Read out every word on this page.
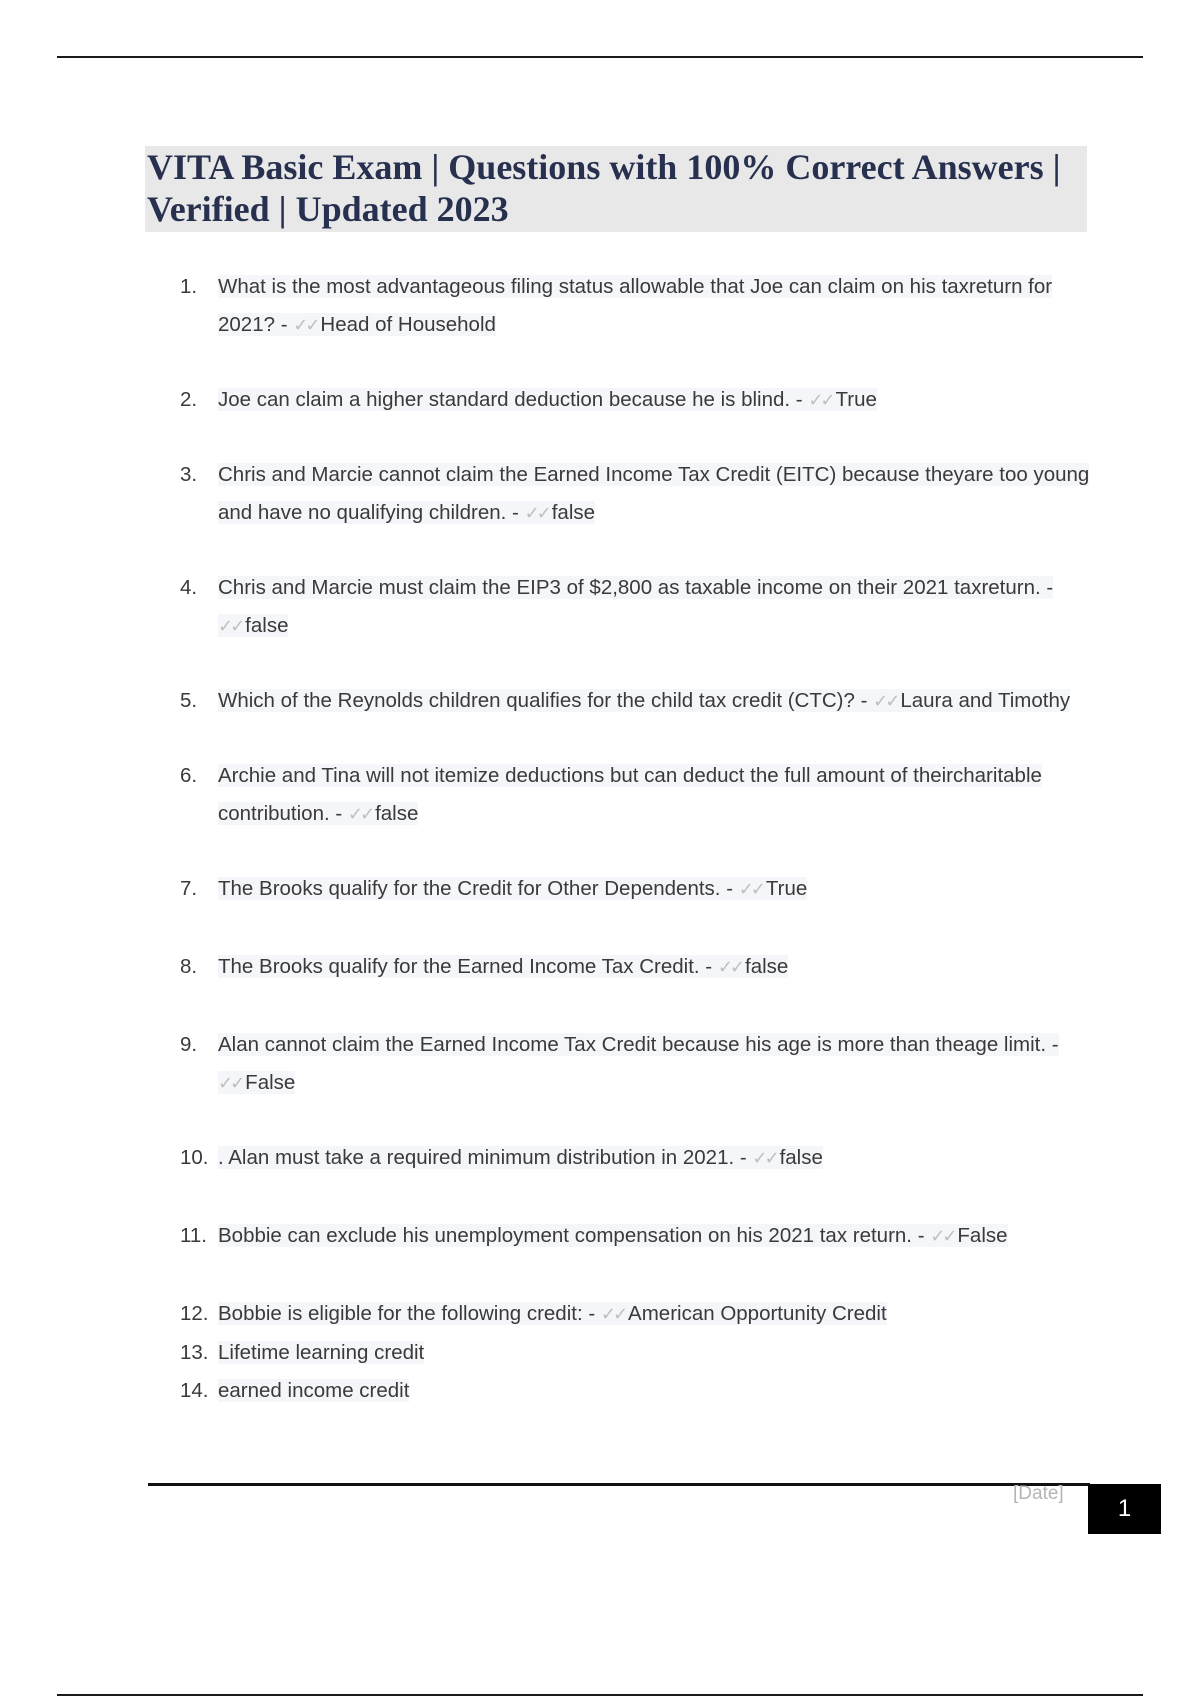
VITA Basic Exam | Questions with 100% Correct Answers | Verified | Updated 2023
1.	What is the most advantageous filing status allowable that Joe can claim on his taxreturn for 2021? - ✓✓ Head of Household
2.	Joe can claim a higher standard deduction because he is blind. - ✓✓ True
3.	Chris and Marcie cannot claim the Earned Income Tax Credit (EITC) because theyare too young and have no qualifying children. - ✓✓ false
4.	Chris and Marcie must claim the EIP3 of $2,800 as taxable income on their 2021 taxreturn. - ✓✓ false
5.	Which of the Reynolds children qualifies for the child tax credit (CTC)? - ✓✓ Laura and Timothy
6.	Archie and Tina will not itemize deductions but can deduct the full amount of theircharitable contribution. - ✓✓ false
7.	The Brooks qualify for the Credit for Other Dependents. - ✓✓ True
8.	The Brooks qualify for the Earned Income Tax Credit. - ✓✓ false
9.	Alan cannot claim the Earned Income Tax Credit because his age is more than theage limit. - ✓✓ False
10. . Alan must take a required minimum distribution in 2021. - ✓✓ false
11. Bobbie can exclude his unemployment compensation on his 2021 tax return. - ✓✓ False
12. Bobbie is eligible for the following credit: - ✓✓ American Opportunity Credit
13. Lifetime learning credit
14. earned income credit
[Date]
1
